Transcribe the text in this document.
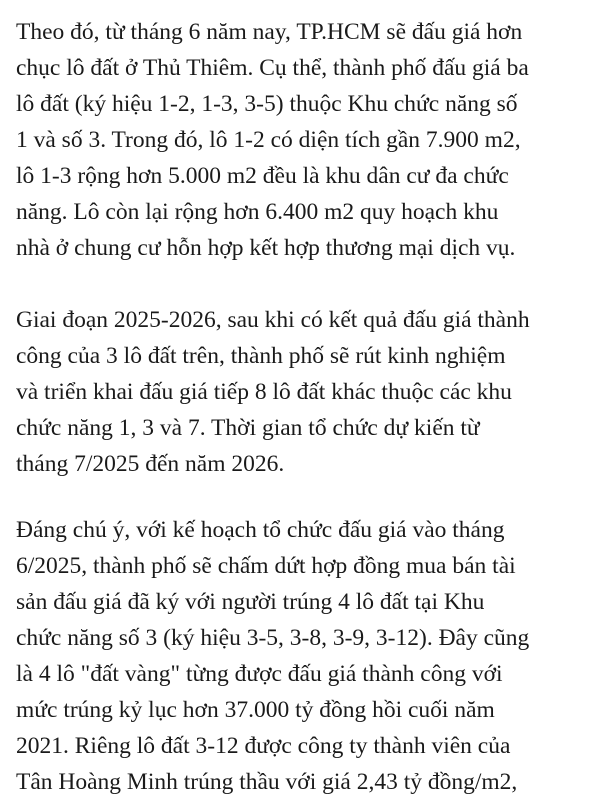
Theo đó, từ tháng 6 năm nay, TP.HCM sẽ đấu giá hơn
chục lô đất ở Thủ Thiêm. Cụ thể, thành phố đấu giá ba
lô đất (ký hiệu 1-2, 1-3, 3-5) thuộc Khu chức năng số
1 và số 3. Trong đó, lô 1-2 có diện tích gần 7.900 m2,
lô 1-3 rộng hơn 5.000 m2 đều là khu dân cư đa chức
năng. Lô còn lại rộng hơn 6.400 m2 quy hoạch khu
nhà ở chung cư hỗn hợp kết hợp thương mại dịch vụ.
Giai đoạn 2025-2026, sau khi có kết quả đấu giá thành
công của 3 lô đất trên, thành phố sẽ rút kinh nghiệm
và triển khai đấu giá tiếp 8 lô đất khác thuộc các khu
chức năng 1, 3 và 7. Thời gian tổ chức dự kiến từ
tháng 7/2025 đến năm 2026.
Đáng chú ý, với kế hoạch tổ chức đấu giá vào tháng
6/2025, thành phố sẽ chấm dứt hợp đồng mua bán tài
sản đấu giá đã ký với người trúng 4 lô đất tại Khu
chức năng số 3 (ký hiệu 3-5, 3-8, 3-9, 3-12). Đây cũng
là 4 lô "đất vàng" từng được đấu giá thành công với
mức trúng kỷ lục hơn 37.000 tỷ đồng hồi cuối năm
2021. Riêng lô đất 3-12 được công ty thành viên của
Tân Hoàng Minh trúng thầu với giá 2,43 tỷ đồng/m2,
